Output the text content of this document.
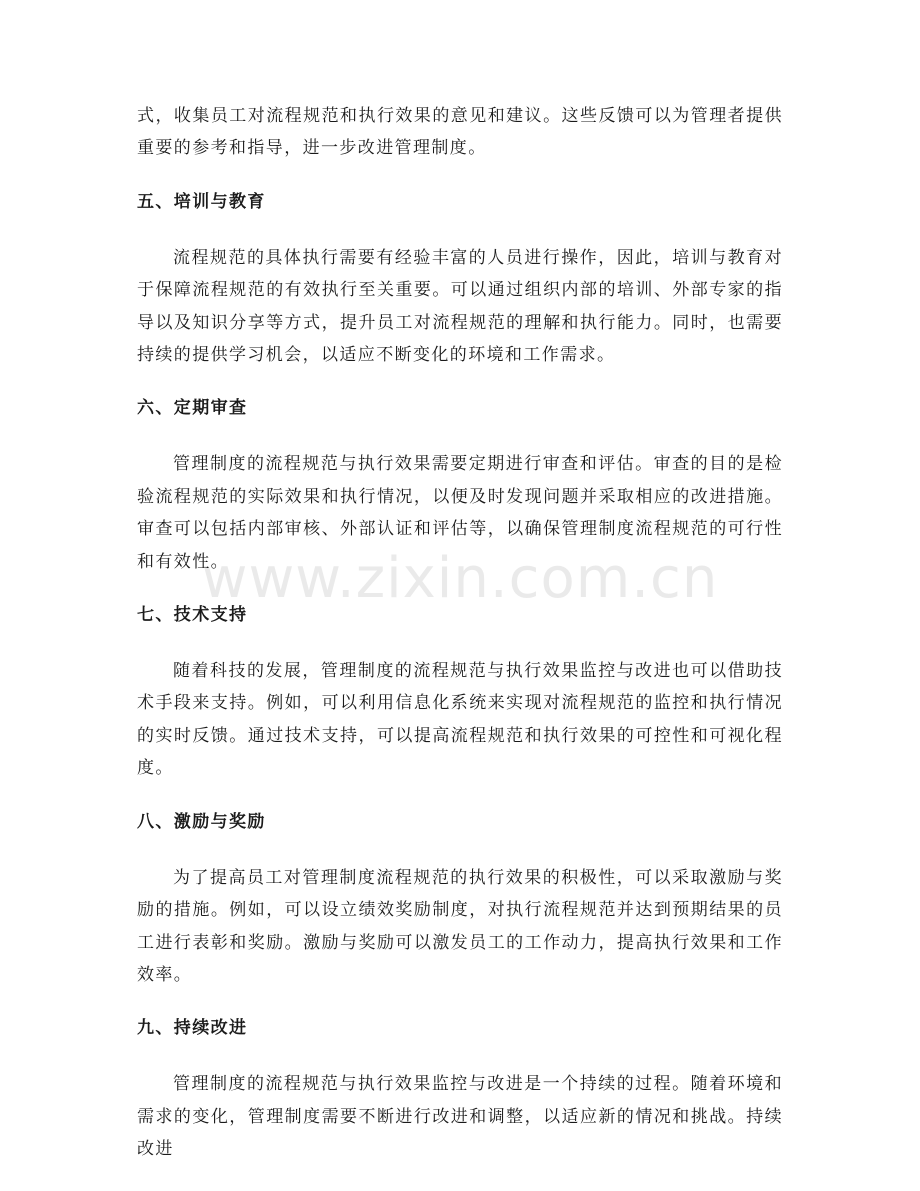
www.zixin.com.cn

式，收集员工对流程规范和执行效果的意见和建议。这些反馈可以为管理者提供重要的参考和指导，进一步改进管理制度。

五、培训与教育

流程规范的具体执行需要有经验丰富的人员进行操作，因此，培训与教育对于保障流程规范的有效执行至关重要。可以通过组织内部的培训、外部专家的指导以及知识分享等方式，提升员工对流程规范的理解和执行能力。同时，也需要持续的提供学习机会，以适应不断变化的环境和工作需求。

六、定期审查

管理制度的流程规范与执行效果需要定期进行审查和评估。审查的目的是检验流程规范的实际效果和执行情况，以便及时发现问题并采取相应的改进措施。审查可以包括内部审核、外部认证和评估等，以确保管理制度流程规范的可行性和有效性。

七、技术支持

随着科技的发展，管理制度的流程规范与执行效果监控与改进也可以借助技术手段来支持。例如，可以利用信息化系统来实现对流程规范的监控和执行情况的实时反馈。通过技术支持，可以提高流程规范和执行效果的可控性和可视化程度。

八、激励与奖励

为了提高员工对管理制度流程规范的执行效果的积极性，可以采取激励与奖励的措施。例如，可以设立绩效奖励制度，对执行流程规范并达到预期结果的员工进行表彰和奖励。激励与奖励可以激发员工的工作动力，提高执行效果和工作效率。

九、持续改进

管理制度的流程规范与执行效果监控与改进是一个持续的过程。随着环境和需求的变化，管理制度需要不断进行改进和调整，以适应新的情况和挑战。持续改进
